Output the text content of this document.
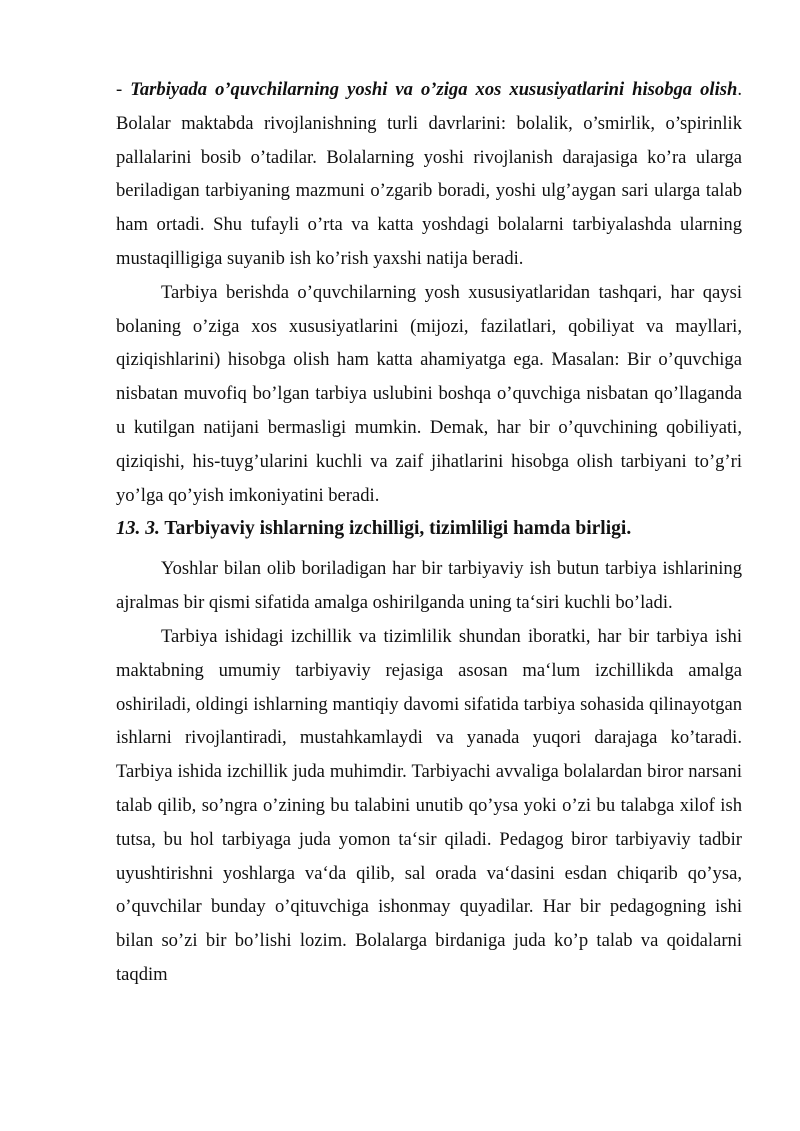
- Tarbiyada o’quvchilarning yoshi va o’ziga xos xususiyatlarini hisobga olish. Bolalar maktabda rivojlanishning turli davrlarini: bolalik, o’smirlik, o’spirinlik pallalarini bosib o’tadilar. Bolalarning yoshi rivojlanish darajasiga ko’ra ularga beriladigan tarbiyaning mazmuni o’zgarib boradi, yoshi ulg’aygan sari ularga talab ham ortadi. Shu tufayli o’rta va katta yoshdagi bolalarni tarbiyalashda ularning mustaqilligiga suyanib ish ko’rish yaxshi natija beradi.

Tarbiya berishda o’quvchilarning yosh xususiyatlaridan tashqari, har qaysi bolaning o’ziga xos xususiyatlarini (mijozi, fazilatlari, qobiliyat va mayllari, qiziqishlarini) hisobga olish ham katta ahamiyatga ega. Masalan: Bir o’quvchiga nisbatan muvofiq bo’lgan tarbiya uslubini boshqa o’quvchiga nisbatan qo’llaganda u kutilgan natijani bermasligi mumkin. Demak, har bir o’quvchining qobiliyati, qiziqishi, his-tuyg’ularini kuchli va zaif jihatlarini hisobga olish tarbiyani to’g’ri yo’lga qo’yish imkoniyatini beradi.

13. 3. Tarbiyaviy ishlarning izchilligi, tizimliligi hamda birligi.

Yoshlar bilan olib boriladigan har bir tarbiyaviy ish butun tarbiya ishlarining ajralmas bir qismi sifatida amalga oshirilganda uning ta‘siri kuchli bo’ladi.

Tarbiya ishidagi izchillik va tizimlilik shundan iboratki, har bir tarbiya ishi maktabning umumiy tarbiyaviy rejasiga asosan ma‘lum izchillikda amalga oshiriladi, oldingi ishlarning mantiqiy davomi sifatida tarbiya sohasida qilinayotgan ishlarni rivojlantiradi, mustahkamlaydi va yanada yuqori darajaga ko’taradi. Tarbiya ishida izchillik juda muhimdir. Tarbiyachi avvaliga bolalardan biror narsani talab qilib, so’ngra o’zining bu talabini unutib qo’ysa yoki o’zi bu talabga xilof ish tutsa, bu hol tarbiyaga juda yomon ta‘sir qiladi. Pedagog biror tarbiyaviy tadbir uyushtirishni yoshlarga va‘da qilib, sal orada va‘dasini esdan chiqarib qo’ysa, o’quvchilar bunday o’qituvchiga ishonmay quyadilar. Har bir pedagogning ishi bilan so’zi bir bo’lishi lozim. Bolalarga birdaniga juda ko’p talab va qoidalarni taqdim
